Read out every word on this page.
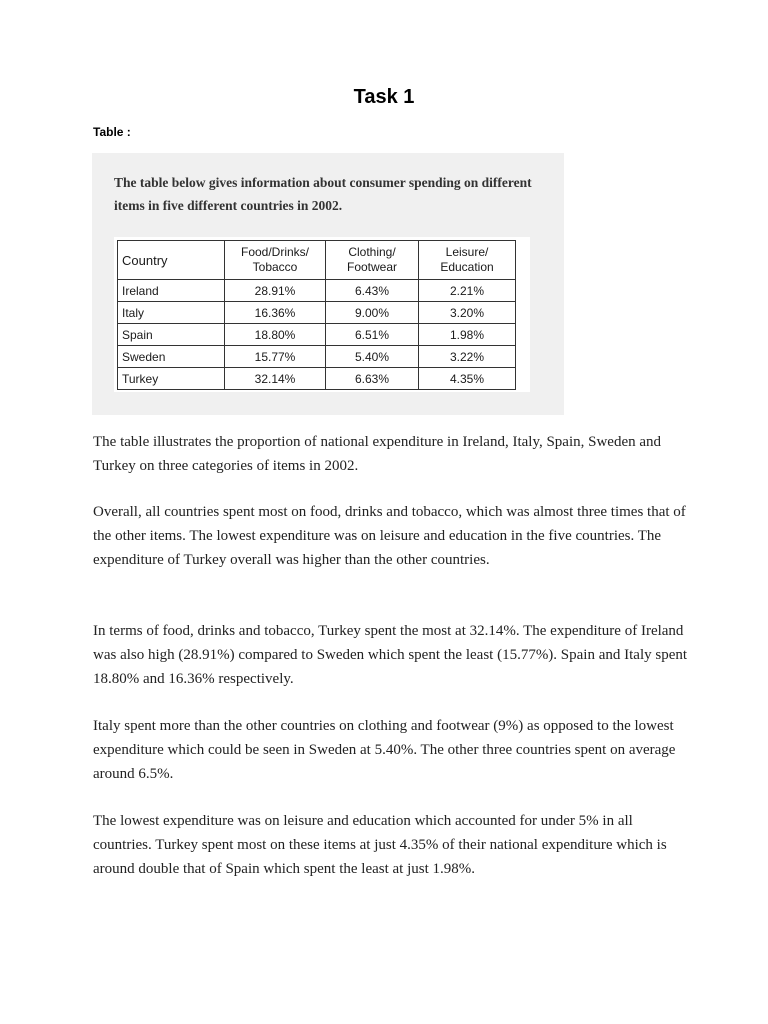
Task 1
Table :
The table below gives information about consumer spending on different items in five different countries in 2002.
Country	Food/Drinks/ Tobacco	Clothing/ Footwear	Leisure/ Education
Ireland	28.91%	6.43%	2.21%
Italy	16.36%	9.00%	3.20%
Spain	18.80%	6.51%	1.98%
Sweden	15.77%	5.40%	3.22%
Turkey	32.14%	6.63%	4.35%

The table illustrates the proportion of national expenditure in Ireland, Italy, Spain, Sweden and Turkey on three categories of items in 2002.

Overall, all countries spent most on food, drinks and tobacco, which was almost three times that of the other items. The lowest expenditure was on leisure and education in the five countries. The expenditure of Turkey overall was higher than the other countries.

In terms of food, drinks and tobacco, Turkey spent the most at 32.14%. The expenditure of Ireland was also high (28.91%) compared to Sweden which spent the least (15.77%). Spain and Italy spent 18.80% and 16.36% respectively.

Italy spent more than the other countries on clothing and footwear (9%) as opposed to the lowest expenditure which could be seen in Sweden at 5.40%. The other three countries spent on average around 6.5%.

The lowest expenditure was on leisure and education which accounted for under 5% in all countries. Turkey spent most on these items at just 4.35% of their national expenditure which is around double that of Spain which spent the least at just 1.98%.
